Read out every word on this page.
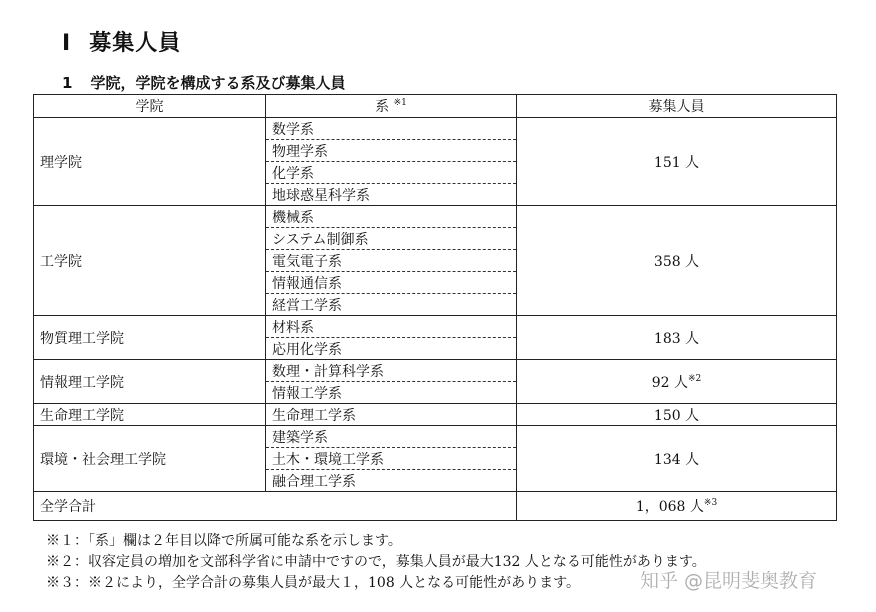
Ⅰ 募集人員
1 学院，学院を構成する系及び募集人員
学院	系 $^{※1}$	募集人員
理学院	数学系	151 人
	物理学系	
	化学系	
	地球惑星科学系	
工学院	機械系	358 人
	システム制御系	
	電気電子系	
	情報通信系	
	経営工学系	
物質理工学院	材料系	183 人
	応用化学系	
情報理工学院	数理・計算科学系	92 人$^{※2}$
	情報工学系	
生命理工学院	生命理工学系	150 人
環境・社会理工学院	建築学系	134 人
	土木・環境工学系	
	融合理工学系	
全学合計		1，068 人$^{※3}$
※１：「系」欄は２年目以降で所属可能な系を示します。
※２：収容定員の増加を文部科学省に申請中ですので，募集人員が最大132 人となる可能性があります。
※３：※２により，全学合計の募集人員が最大１，108 人となる可能性があります。	知乎 @昆明斐奥教育
